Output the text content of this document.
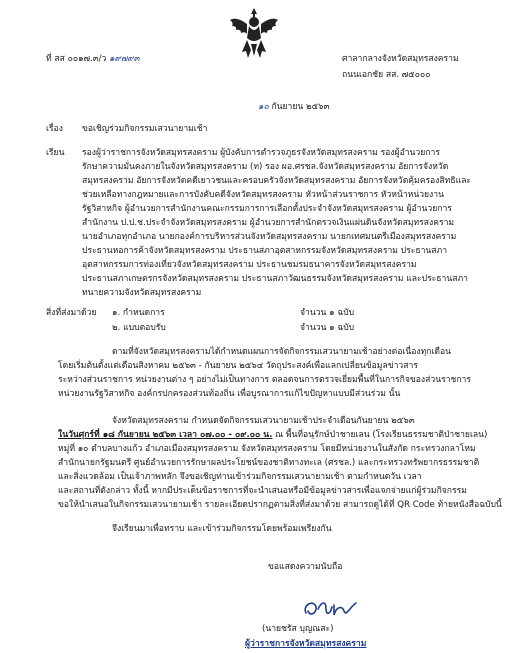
ที่ สส ๐๐๑๗.๓/ว ๑๙๗๙๓	ศาลากลางจังหวัดสมุทรสงคราม
ถนนเอกชัย สส. ๗๕๐๐๐
๑๐ กันยายน ๒๕๖๓
เรื่อง ขอเชิญร่วมกิจกรรมเสวนายามเช้า
เรียน รองผู้ว่าราชการจังหวัดสมุทรสงคราม ผู้บังคับการตำรวจภูธรจังหวัดสมุทรสงคราม รองผู้อำนวยการ
รักษาความมั่นคงภายในจังหวัดสมุทรสงคราม (ท) รอง ผอ.ศรชล.จังหวัดสมุทรสงคราม อัยการจังหวัด
สมุทรสงคราม อัยการจังหวัดคดีเยาวชนและครอบครัวจังหวัดสมุทรสงคราม อัยการจังหวัดคุ้มครองสิทธิและ
ช่วยเหลือทางกฎหมายและการบังคับคดีจังหวัดสมุทรสงคราม หัวหน้าส่วนราชการ หัวหน้าหน่วยงาน
รัฐวิสาหกิจ ผู้อำนวยการสำนักงานคณะกรรมการการเลือกตั้งประจำจังหวัดสมุทรสงคราม ผู้อำนวยการ
สำนักงาน ป.ป.ช.ประจำจังหวัดสมุทรสงคราม ผู้อำนวยการสำนักตรวจเงินแผ่นดินจังหวัดสมุทรสงคราม
นายอำเภอทุกอำเภอ นายกองค์การบริหารส่วนจังหวัดสมุทรสงคราม นายกเทศมนตรีเมืองสมุทรสงคราม
ประธานหอการค้าจังหวัดสมุทรสงคราม ประธานสภาอุตสาหกรรมจังหวัดสมุทรสงคราม ประธานสภา
อุตสาหกรรมการท่องเที่ยวจังหวัดสมุทรสงคราม ประธานชมรมธนาคารจังหวัดสมุทรสงคราม
ประธานสภาเกษตรกรจังหวัดสมุทรสงคราม ประธานสภาวัฒนธรรมจังหวัดสมุทรสงคราม และประธานสภา
ทนายความจังหวัดสมุทรสงคราม
สิ่งที่ส่งมาด้วย ๑. กำหนดการ	จำนวน ๑ ฉบับ
๒. แบบตอบรับ	จำนวน ๑ ฉบับ
ตามที่จังหวัดสมุทรสงครามได้กำหนดแผนการจัดกิจกรรมเสวนายามเช้าอย่างต่อเนื่องทุกเดือน
โดยเริ่มต้นตั้งแต่เดือนสิงหาคม ๒๕๖๓ - กันยายน ๒๕๖๔ วัตถุประสงค์เพื่อแลกเปลี่ยนข้อมูลข่าวสาร
ระหว่างส่วนราชการ หน่วยงานต่าง ๆ อย่างไม่เป็นทางการ ตลอดจนการตรวจเยี่ยมพื้นที่ในการกิจของส่วนราชการ
หน่วยงานรัฐวิสาหกิจ องค์กรปกครองส่วนท้องถิ่น เพื่อบูรณาการแก้ไขปัญหาแบบมีส่วนร่วม นั้น
จังหวัดสมุทรสงคราม กำหนดจัดกิจกรรมเสวนายามเช้าประจำเดือนกันยายน ๒๕๖๓
ในวันศุกร์ที่ ๑๘ กันยายน ๒๕๖๓ เวลา ๐๗.๐๐ - ๐๙.๐๐ น. ณ พื้นที่อนุรักษ์ป่าชายเลน (โรงเรียนธรรมชาติป่าชายเลน)
หมู่ที่ ๑๐ ตำบลบางแก้ว อำเภอเมืองสมุทรสงคราม จังหวัดสมุทรสงคราม โดยมีหน่วยงานในสังกัด กระทรวงกลาโหม
สำนักนายกรัฐมนตรี ศูนย์อำนวยการรักษาผลประโยชน์ของชาติทางทะเล (ศรชล.) และกระทรวงทรัพยากรธรรมชาติ
และสิ่งแวดล้อม เป็นเจ้าภาพหลัก จึงขอเชิญท่านเข้าร่วมกิจกรรมเสวนายามเช้า ตามกำหนดวัน เวลา
และสถานที่ดังกล่าว ทั้งนี้ หากมีประเด็นข้อราชการที่จะนำเสนอหรือมีข้อมูลข่าวสารเพื่อแจกจ่ายแก่ผู้ร่วมกิจกรรม
ขอให้นำเสนอในกิจกรรมเสวนายามเช้า รายละเอียดปรากฏตามสิ่งที่ส่งมาด้วย สามารถดูได้ที่ QR Code ท้ายหนังสือฉบับนี้
จึงเรียนมาเพื่อทราบ และเข้าร่วมกิจกรรมโดยพร้อมเพรียงกัน
ขอแสดงความนับถือ
(นายชรัส บุญณสะ)
ผู้ว่าราชการจังหวัดสมุทรสงคราม
